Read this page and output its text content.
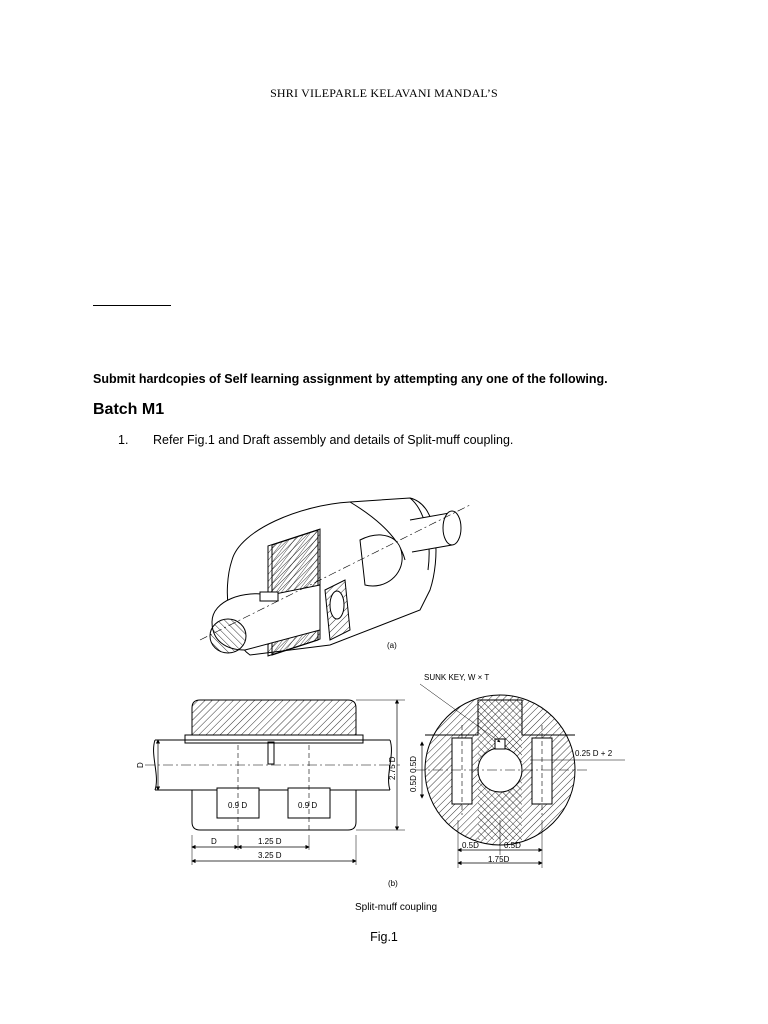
SHRI VILEPARLE KELAVANI MANDAL’S
Submit hardcopies of Self learning assignment by attempting any one of the following.
Batch M1
1. Refer Fig.1 and Draft assembly and details of Split-muff coupling.
(a)
D	2.75 D
0.9 D	0.9 D
D	1.25 D
3.25 D
SUNK KEY, W × T
0.5D 0.5D
0.25 D + 2
0.5D	0.5D
1.75D
(b)
Split-muff coupling
Fig.1
